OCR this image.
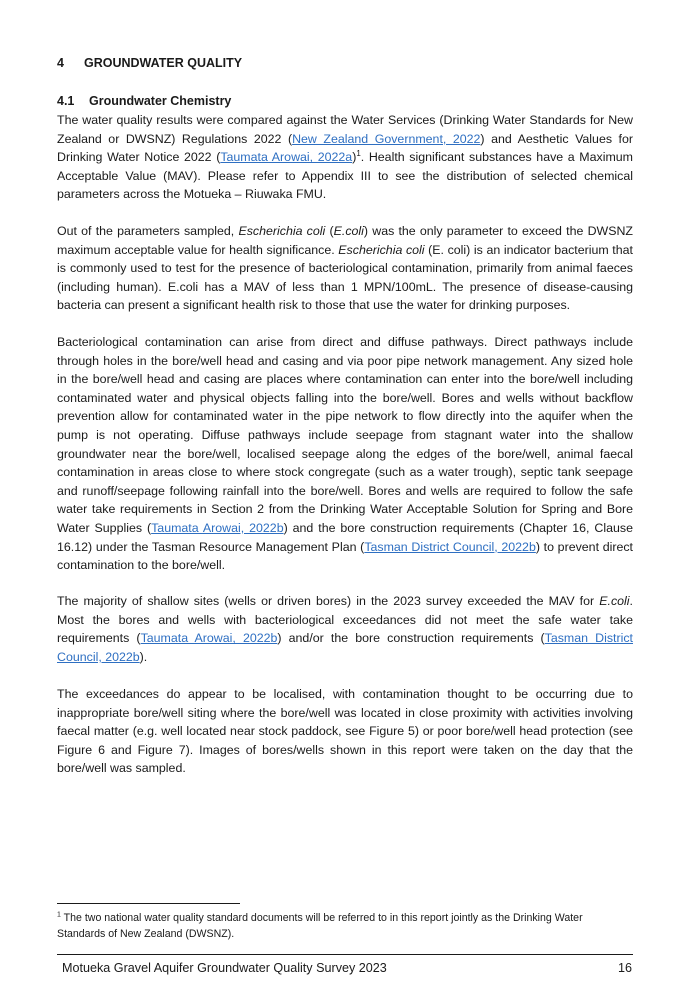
4 GROUNDWATER QUALITY
4.1 Groundwater Chemistry

The water quality results were compared against the Water Services (Drinking Water Standards for New Zealand or DWSNZ) Regulations 2022 (New Zealand Government, 2022) and Aesthetic Values for Drinking Water Notice 2022 (Taumata Arowai, 2022a)$^1$. Health significant substances have a Maximum Acceptable Value (MAV). Please refer to Appendix III to see the distribution of selected chemical parameters across the Motueka – Riuwaka FMU.

Out of the parameters sampled, Escherichia coli (E.coli) was the only parameter to exceed the DWSNZ maximum acceptable value for health significance. Escherichia coli (E. coli) is an indicator bacterium that is commonly used to test for the presence of bacteriological contamination, primarily from animal faeces (including human). E.coli has a MAV of less than 1 MPN/100mL. The presence of disease-causing bacteria can present a significant health risk to those that use the water for drinking purposes.

Bacteriological contamination can arise from direct and diffuse pathways. Direct pathways include through holes in the bore/well head and casing and via poor pipe network management. Any sized hole in the bore/well head and casing are places where contamination can enter into the bore/well including contaminated water and physical objects falling into the bore/well. Bores and wells without backflow prevention allow for contaminated water in the pipe network to flow directly into the aquifer when the pump is not operating. Diffuse pathways include seepage from stagnant water into the shallow groundwater near the bore/well, localised seepage along the edges of the bore/well, animal faecal contamination in areas close to where stock congregate (such as a water trough), septic tank seepage and runoff/seepage following rainfall into the bore/well. Bores and wells are required to follow the safe water take requirements in Section 2 from the Drinking Water Acceptable Solution for Spring and Bore Water Supplies (Taumata Arowai, 2022b) and the bore construction requirements (Chapter 16, Clause 16.12) under the Tasman Resource Management Plan (Tasman District Council, 2022b) to prevent direct contamination to the bore/well.

The majority of shallow sites (wells or driven bores) in the 2023 survey exceeded the MAV for E.coli. Most the bores and wells with bacteriological exceedances did not meet the safe water take requirements (Taumata Arowai, 2022b) and/or the bore construction requirements (Tasman District Council, 2022b).

The exceedances do appear to be localised, with contamination thought to be occurring due to inappropriate bore/well siting where the bore/well was located in close proximity with activities involving faecal matter (e.g. well located near stock paddock, see Figure 5) or poor bore/well head protection (see Figure 6 and Figure 7). Images of bores/wells shown in this report were taken on the day that the bore/well was sampled.

$^1$ The two national water quality standard documents will be referred to in this report jointly as the Drinking Water Standards of New Zealand (DWSNZ).

Motueka Gravel Aquifer Groundwater Quality Survey 2023	16
